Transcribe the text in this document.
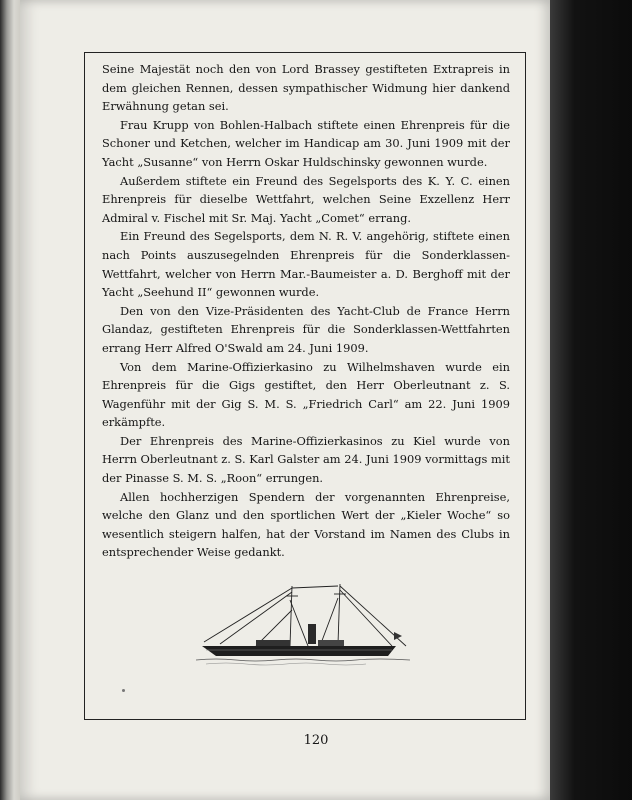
Seine Majestät noch den von Lord Brassey gestifteten Extrapreis in dem gleichen Rennen, dessen sympathischer Widmung hier dankend Erwähnung getan sei.

Frau Krupp von Bohlen-Halbach stiftete einen Ehrenpreis für die Schoner und Ketchen, welcher im Handicap am 30. Juni 1909 mit der Yacht „Susanne“ von Herrn Oskar Huldschinsky gewonnen wurde.

Außerdem stiftete ein Freund des Segelsports des K. Y. C. einen Ehrenpreis für dieselbe Wettfahrt, welchen Seine Exzellenz Herr Admiral v. Fischel mit Sr. Maj. Yacht „Comet“ errang.

Ein Freund des Segelsports, dem N. R. V. angehörig, stiftete einen nach Points auszusegelnden Ehrenpreis für die Sonderklassen-Wettfahrt, welcher von Herrn Mar.-Baumeister a. D. Berghoff mit der Yacht „Seehund II“ gewonnen wurde.

Den von den Vize-Präsidenten des Yacht-Club de France Herrn Glandaz, gestifteten Ehrenpreis für die Sonderklassen-Wettfahrten errang Herr Alfred O'Swald am 24. Juni 1909.

Von dem Marine-Offizierkasino zu Wilhelmshaven wurde ein Ehrenpreis für die Gigs gestiftet, den Herr Oberleutnant z. S. Wagenführ mit der Gig S. M. S. „Friedrich Carl“ am 22. Juni 1909 erkämpfte.

Der Ehrenpreis des Marine-Offizierkasinos zu Kiel wurde von Herrn Oberleutnant z. S. Karl Galster am 24. Juni 1909 vormittags mit der Pinasse S. M. S. „Roon“ errungen.

Allen hochherzigen Spendern der vorgenannten Ehrenpreise, welche den Glanz und den sportlichen Wert der „Kieler Woche“ so wesentlich steigern halfen, hat der Vorstand im Namen des Clubs in entsprechender Weise gedankt.

120
